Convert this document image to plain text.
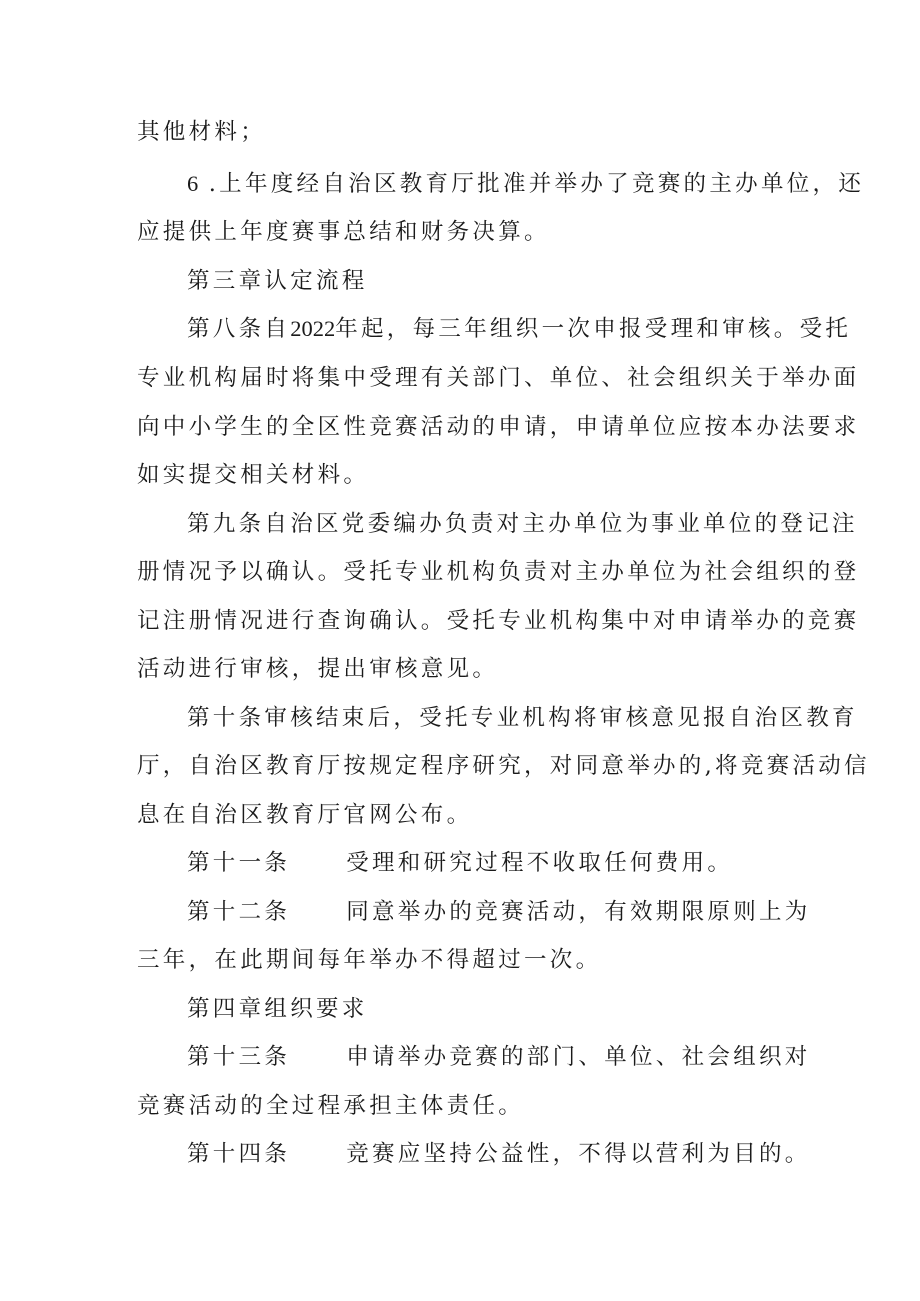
其他材料；
6 .上年度经自治区教育厅批准并举办了竞赛的主办单位，还
应提供上年度赛事总结和财务决算。
第三章认定流程
第八条自2022年起，每三年组织一次申报受理和审核。受托
专业机构届时将集中受理有关部门、单位、社会组织关于举办面
向中小学生的全区性竞赛活动的申请，申请单位应按本办法要求
如实提交相关材料。
第九条自治区党委编办负责对主办单位为事业单位的登记注
册情况予以确认。受托专业机构负责对主办单位为社会组织的登
记注册情况进行查询确认。受托专业机构集中对申请举办的竞赛
活动进行审核，提出审核意见。
第十条审核结束后，受托专业机构将审核意见报自治区教育
厅，自治区教育厅按规定程序研究，对同意举办的,将竞赛活动信
息在自治区教育厅官网公布。
第十一条 受理和研究过程不收取任何费用。
第十二条 同意举办的竞赛活动，有效期限原则上为
三年，在此期间每年举办不得超过一次。
第四章组织要求
第十三条 申请举办竞赛的部门、单位、社会组织对
竞赛活动的全过程承担主体责任。
第十四条 竞赛应坚持公益性，不得以营利为目的。
